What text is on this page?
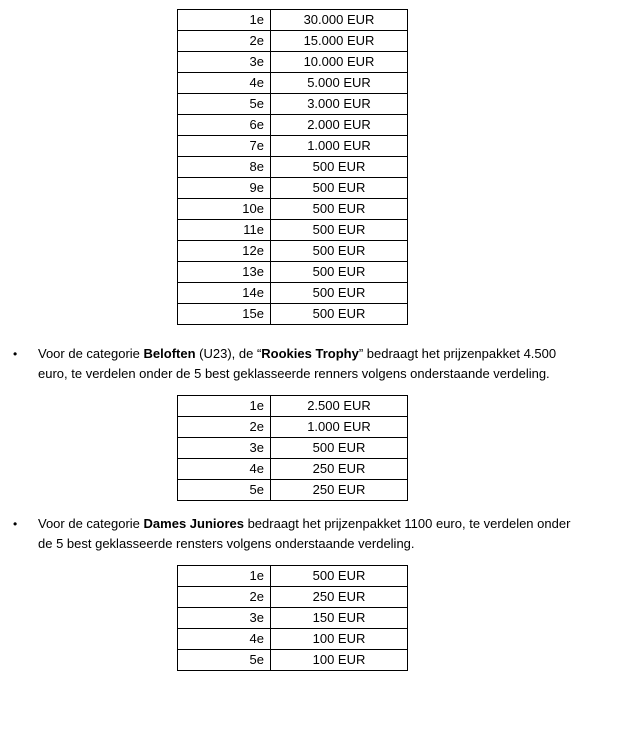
1e	30.000 EUR
2e	15.000 EUR
3e	10.000 EUR
4e	5.000 EUR
5e	3.000 EUR
6e	2.000 EUR
7e	1.000 EUR
8e	500 EUR
9e	500 EUR
10e	500 EUR
11e	500 EUR
12e	500 EUR
13e	500 EUR
14e	500 EUR
15e	500 EUR
• Voor de categorie Beloften (U23), de “Rookies Trophy” bedraagt het prijzenpakket 4.500
euro, te verdelen onder de 5 best geklasseerde renners volgens onderstaande verdeling.
1e	2.500 EUR
2e	1.000 EUR
3e	500 EUR
4e	250 EUR
5e	250 EUR
• Voor de categorie Dames Juniores bedraagt het prijzenpakket 1100 euro, te verdelen onder
de 5 best geklasseerde rensters volgens onderstaande verdeling.
1e	500 EUR
2e	250 EUR
3e	150 EUR
4e	100 EUR
5e	100 EUR
